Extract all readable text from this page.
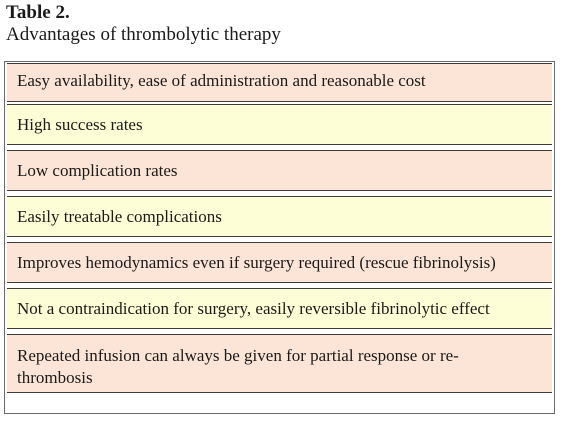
Table 2.
Advantages of thrombolytic therapy
Easy availability, ease of administration and reasonable cost
High success rates
Low complication rates
Easily treatable complications
Improves hemodynamics even if surgery required (rescue fibrinolysis)
Not a contraindication for surgery, easily reversible fibrinolytic effect
Repeated infusion can always be given for partial response or re-thrombosis
